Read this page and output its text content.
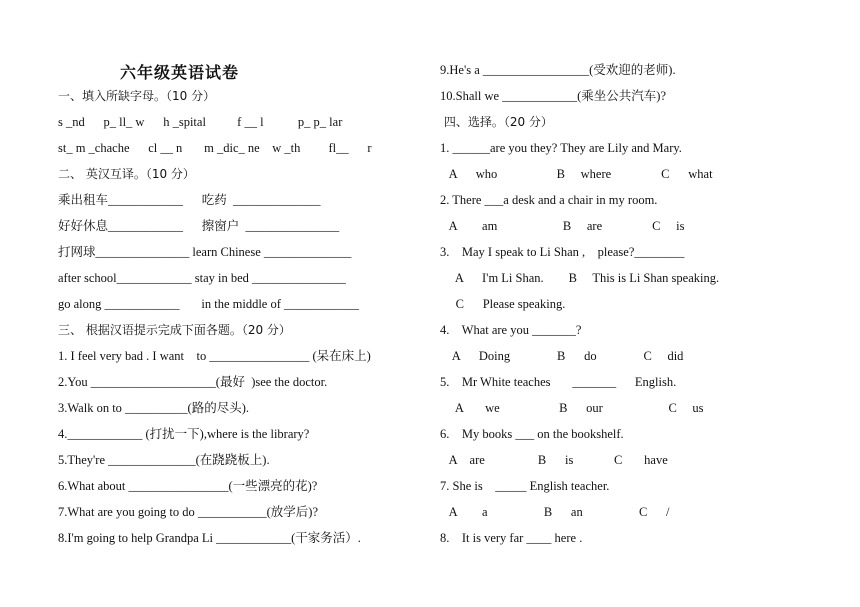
六年级英语试卷
一、填入所缺字母。（10 分）
s _nd      p_ ll_ w      h _spital          f __ l           p_ p_ lar
st_ m _chache      cl __ n       m _dic_ ne    w _th         fl__      r
二、 英汉互译。（10 分）
乘出租车____________      吃药  ______________
好好休息____________      擦窗户  _______________
打网球_______________ learn Chinese ______________
after school____________ stay in bed _______________
go along ____________       in the middle of ____________
三、 根据汉语提示完成下面各题。（20 分）
1. I feel very bad . I want    to ________________ (呆在床上)
2.You ____________________(最好  )see the doctor.
3.Walk on to __________(路的尽头).
4.____________ (打扰一下),where is the library?
5.They're ______________(在跷跷板上).
6.What about ________________(一些漂亮的花)?
7.What are you going to do ___________(放学后)?
8.I'm going to help Grandpa Li ____________(干家务活）.
9.He's a _________________(受欢迎的老师).
10.Shall we ____________(乘坐公共汽车)?
四、选择。（20 分）
1. ______are you they? They are Lily and Mary.
A      who                   B     where                C      what
2. There ___a desk and a chair in my room.
A        am                     B     are                C     is
3.    May I speak to Li Shan ,    please?________
A      I'm Li Shan.        B     This is Li Shan speaking.
C      Please speaking.
4.    What are you _______?
A      Doing               B      do               C     did
5.    Mr White teaches       _______      English.
A       we                   B      our                     C     us
6.    My books ___ on the bookshelf.
A    are                 B      is             C       have
7. She is    _____ English teacher.
A        a                  B      an                  C      /
8.    It is very far ____ here .
